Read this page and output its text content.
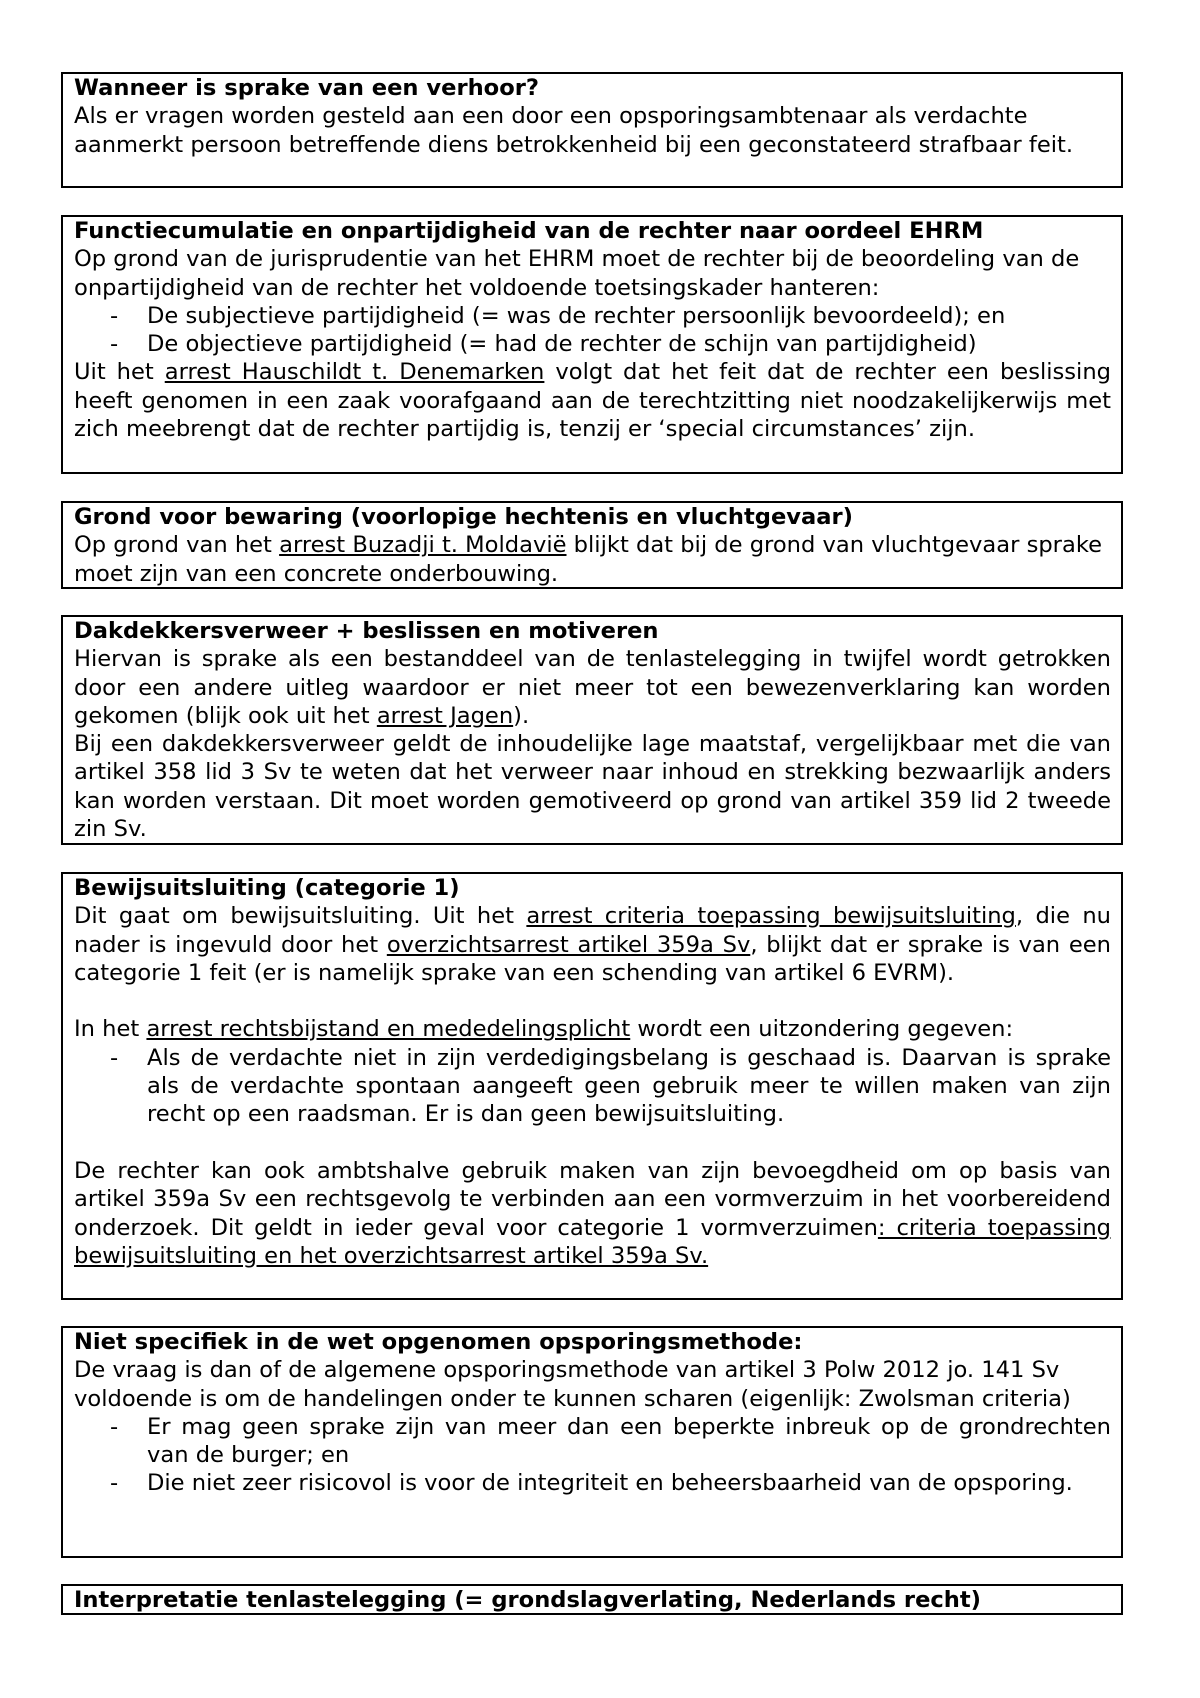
Wanneer is sprake van een verhoor?

Als er vragen worden gesteld aan een door een opsporingsambtenaar als verdachte aanmerkt persoon betreffende diens betrokkenheid bij een geconstateerd strafbaar feit.

Functiecumulatie en onpartijdigheid van de rechter naar oordeel EHRM

Op grond van de jurisprudentie van het EHRM moet de rechter bij de beoordeling van de onpartijdigheid van de rechter het voldoende toetsingskader hanteren:

- De subjectieve partijdigheid (= was de rechter persoonlijk bevoordeeld); en
- De objectieve partijdigheid (= had de rechter de schijn van partijdigheid)

Uit het arrest Hauschildt t. Denemarken volgt dat het feit dat de rechter een beslissing heeft genomen in een zaak voorafgaand aan de terechtzitting niet noodzakelijkerwijs met zich meebrengt dat de rechter partijdig is, tenzij er ‘special circumstances’ zijn.

Grond voor bewaring (voorlopige hechtenis en vluchtgevaar)

Op grond van het arrest Buzadji t. Moldavië blijkt dat bij de grond van vluchtgevaar sprake moet zijn van een concrete onderbouwing.

Dakdekkersverweer + beslissen en motiveren

Hiervan is sprake als een bestanddeel van de tenlastelegging in twijfel wordt getrokken door een andere uitleg waardoor er niet meer tot een bewezenverklaring kan worden gekomen (blijk ook uit het arrest Jagen).

Bij een dakdekkersverweer geldt de inhoudelijke lage maatstaf, vergelijkbaar met die van artikel 358 lid 3 Sv te weten dat het verweer naar inhoud en strekking bezwaarlijk anders kan worden verstaan. Dit moet worden gemotiveerd op grond van artikel 359 lid 2 tweede zin Sv.

Bewijsuitsluiting (categorie 1)

Dit gaat om bewijsuitsluiting. Uit het arrest criteria toepassing bewijsuitsluiting, die nu nader is ingevuld door het overzichtsarrest artikel 359a Sv, blijkt dat er sprake is van een categorie 1 feit (er is namelijk sprake van een schending van artikel 6 EVRM).

In het arrest rechtsbijstand en mededelingsplicht wordt een uitzondering gegeven:

- Als de verdachte niet in zijn verdedigingsbelang is geschaad is. Daarvan is sprake als de verdachte spontaan aangeeft geen gebruik meer te willen maken van zijn recht op een raadsman. Er is dan geen bewijsuitsluiting.

De rechter kan ook ambtshalve gebruik maken van zijn bevoegdheid om op basis van artikel 359a Sv een rechtsgevolg te verbinden aan een vormverzuim in het voorbereidend onderzoek. Dit geldt in ieder geval voor categorie 1 vormverzuimen: criteria toepassing bewijsuitsluiting en het overzichtsarrest artikel 359a Sv.

Niet specifiek in de wet opgenomen opsporingsmethode:

De vraag is dan of de algemene opsporingsmethode van artikel 3 Polw 2012 jo. 141 Sv voldoende is om de handelingen onder te kunnen scharen (eigenlijk: Zwolsman criteria)

- Er mag geen sprake zijn van meer dan een beperkte inbreuk op de grondrechten van de burger; en
- Die niet zeer risicovol is voor de integriteit en beheersbaarheid van de opsporing.

Interpretatie tenlastelegging (= grondslagverlating, Nederlands recht)
